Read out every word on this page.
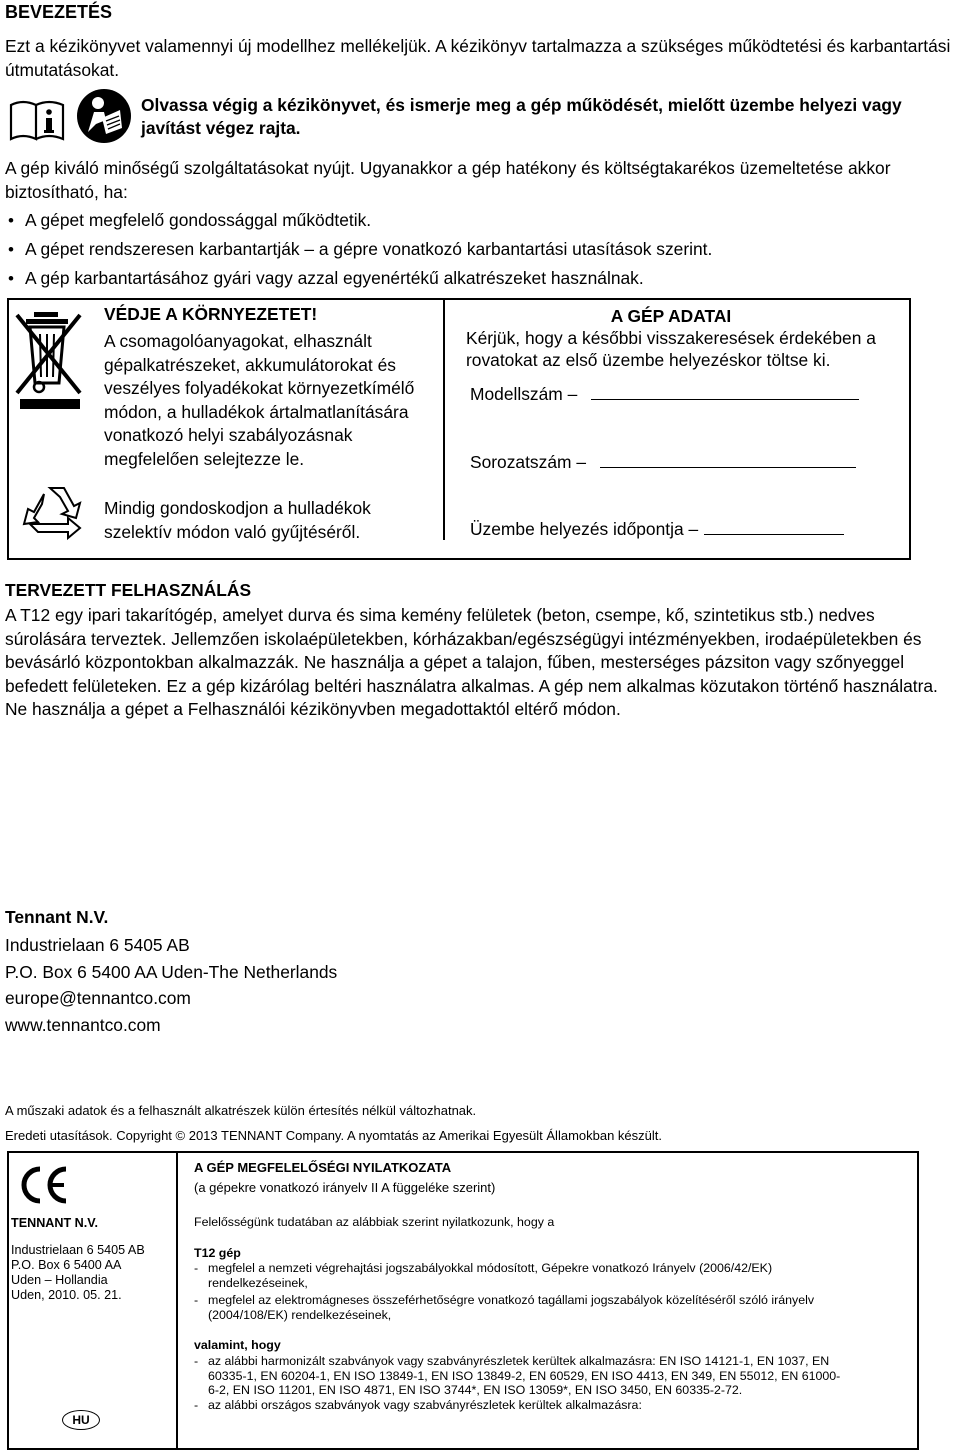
BEVEZETÉS
Ezt a kézikönyvet valamennyi új modellhez mellékeljük. A kézikönyv tartalmazza a szükséges működtetési és karbantartási útmutatásokat.
Olvassa végig a kézikönyvet, és ismerje meg a gép működését, mielőtt üzembe helyezi vagy javítást végez rajta.
A gép kiváló minőségű szolgáltatásokat nyújt. Ugyanakkor a gép hatékony és költségtakarékos üzemeltetése akkor biztosítható, ha:
• A gépet megfelelő gondossággal működtetik.
• A gépet rendszeresen karbantartják – a gépre vonatkozó karbantartási utasítások szerint.
• A gép karbantartásához gyári vagy azzal egyenértékű alkatrészeket használnak.
VÉDJE A KÖRNYEZETET!
A csomagolóanyagokat, elhasznált gépalkatrészeket, akkumulátorokat és veszélyes folyadékokat környezetkímélő módon, a hulladékok ártalmatlanítására vonatkozó helyi szabályozásnak megfelelően selejtezze le.
Mindig gondoskodjon a hulladékok szelektív módon való gyűjtéséről.
A GÉP ADATAI
Kérjük, hogy a későbbi visszakeresések érdekében a rovatokat az első üzembe helyezéskor töltse ki.
Modellszám –
Sorozatszám –
Üzembe helyezés időpontja –
TERVEZETT FELHASZNÁLÁS
A T12 egy ipari takarítógép, amelyet durva és sima kemény felületek (beton, csempe, kő, szintetikus stb.) nedves súrolására terveztek. Jellemzően iskolaépületekben, kórházakban/egészségügyi intézményekben, irodaépületekben és bevásárló központokban alkalmazzák. Ne használja a gépet a talajon, fűben, mesterséges pázsiton vagy szőnyeggel befedett felületeken. Ez a gép kizárólag beltéri használatra alkalmas. A gép nem alkalmas közutakon történő használatra. Ne használja a gépet a Felhasználói kézikönyvben megadottaktól eltérő módon.
Tennant N.V.
Industrielaan 6 5405 AB
P.O. Box 6 5400 AA Uden-The Netherlands
europe@tennantco.com
www.tennantco.com
A műszaki adatok és a felhasznált alkatrészek külön értesítés nélkül változhatnak.
Eredeti utasítások. Copyright © 2013 TENNANT Company. A nyomtatás az Amerikai Egyesült Államokban készült.
TENNANT N.V.
Industrielaan 6 5405 AB
P.O. Box 6 5400 AA
Uden – Hollandia
Uden, 2010. 05. 21.
HU
A GÉP MEGFELELŐSÉGI NYILATKOZATA
(a gépekre vonatkozó irányelv II A függeléke szerint)
Felelősségünk tudatában az alábbiak szerint nyilatkozunk, hogy a
T12 gép
- megfelel a nemzeti végrehajtási jogszabályokkal módosított, Gépekre vonatkozó Irányelv (2006/42/EK) rendelkezéseinek,
- megfelel az elektromágneses összeférhetőségre vonatkozó tagállami jogszabályok közelítéséről szóló irányelv (2004/108/EK) rendelkezéseinek,
valamint, hogy
- az alábbi harmonizált szabványok vagy szabványrészletek kerültek alkalmazásra: EN ISO 14121-1, EN 1037, EN 60335-1, EN 60204-1, EN ISO 13849-1, EN ISO 13849-2, EN 60529, EN ISO 4413, EN 349, EN 55012, EN 61000-6-2, EN ISO 11201, EN ISO 4871, EN ISO 3744*, EN ISO 13059*, EN ISO 3450, EN 60335-2-72.
- az alábbi országos szabványok vagy szabványrészletek kerültek alkalmazásra:
